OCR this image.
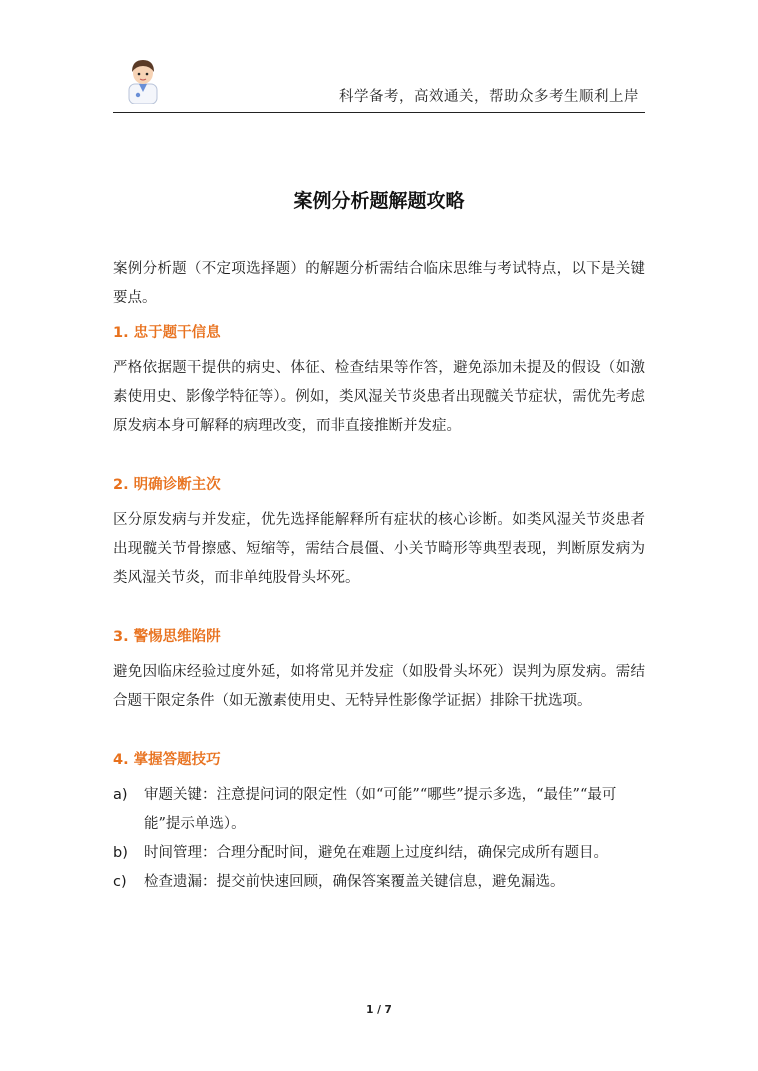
科学备考，高效通关，帮助众多考生顺利上岸
案例分析题解题攻略

案例分析题（不定项选择题）的解题分析需结合临床思维与考试特点，以下是关键要点。

1. 忠于题干信息

严格依据题干提供的病史、体征、检查结果等作答，避免添加未提及的假设（如激素使用史、影像学特征等）。例如，类风湿关节炎患者出现髋关节症状，需优先考虑原发病本身可解释的病理改变，而非直接推断并发症。

2. 明确诊断主次

区分原发病与并发症，优先选择能解释所有症状的核心诊断。如类风湿关节炎患者出现髋关节骨擦感、短缩等，需结合晨僵、小关节畸形等典型表现，判断原发病为类风湿关节炎，而非单纯股骨头坏死。

3. 警惕思维陷阱

避免因临床经验过度外延，如将常见并发症（如股骨头坏死）误判为原发病。需结合题干限定条件（如无激素使用史、无特异性影像学证据）排除干扰选项。

4. 掌握答题技巧

a) 审题关键：注意提问词的限定性（如“可能”“哪些”提示多选，“最佳”“最可能”提示单选）。
b) 时间管理：合理分配时间，避免在难题上过度纠结，确保完成所有题目。
c) 检查遗漏：提交前快速回顾，确保答案覆盖关键信息，避免漏选。
1 / 7
